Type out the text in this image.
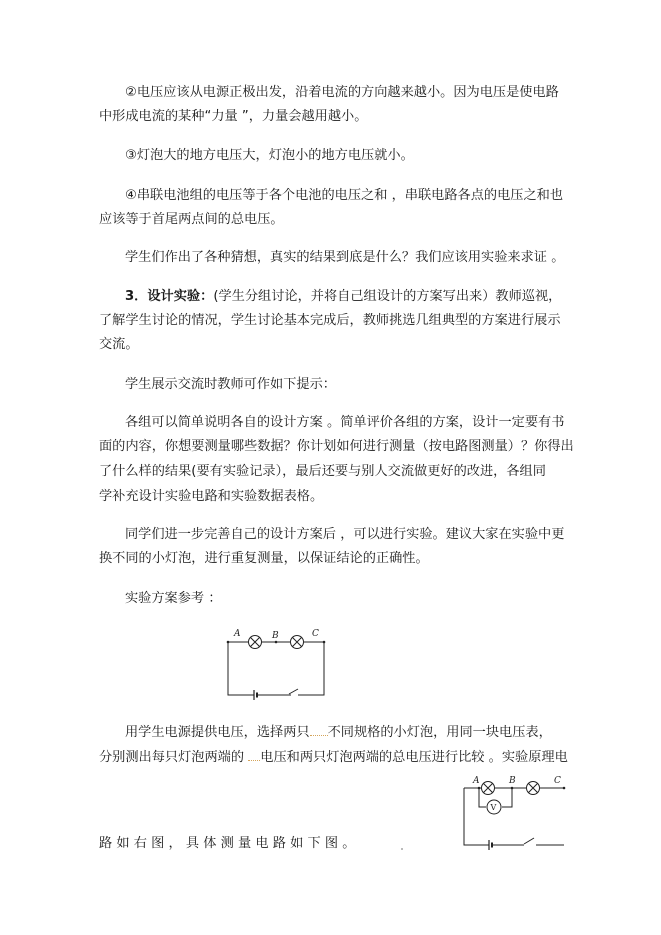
②电压应该从电源正极出发，沿着电流的方向越来越小。因为电压是使电路

中形成电流的某种“力量 ”，力量会越用越小。

③灯泡大的地方电压大，灯泡小的地方电压就小。

④串联电池组的电压等于各个电池的电压之和 ，串联电路各点的电压之和也

应该等于首尾两点间的总电压。

学生们作出了各种猜想，真实的结果到底是什么？我们应该用实验来求证 。

3．设计实验：(学生分组讨论，并将自己组设计的方案写出来）教师巡视，

了解学生讨论的情况，学生讨论基本完成后，教师挑选几组典型的方案进行展示

交流。

学生展示交流时教师可作如下提示：

各组可以简单说明各自的设计方案 。简单评价各组的方案，设计一定要有书

面的内容，你想要测量哪些数据？你计划如何进行测量（按电路图测量）？你得出

了什么样的结果(要有实验记录），最后还要与别人交流做更好的改进，各组同

学补充设计实验电路和实验数据表格。

同学们进一步完善自己的设计方案后 ，可以进行实验。建议大家在实验中更

换不同的小灯泡，进行重复测量，以保证结论的正确性。

实验方案参考 ：

A	B	C

用学生电源提供电压，选择两只 不同规格的小灯泡，用同一块电压表，

分别测出每只灯泡两端的 电压和两只灯泡两端的总电压进行比较 。实验原理电

V
A	B	C

路 如 右 图 ， 具 体 测 量 电 路 如 下 图 。
